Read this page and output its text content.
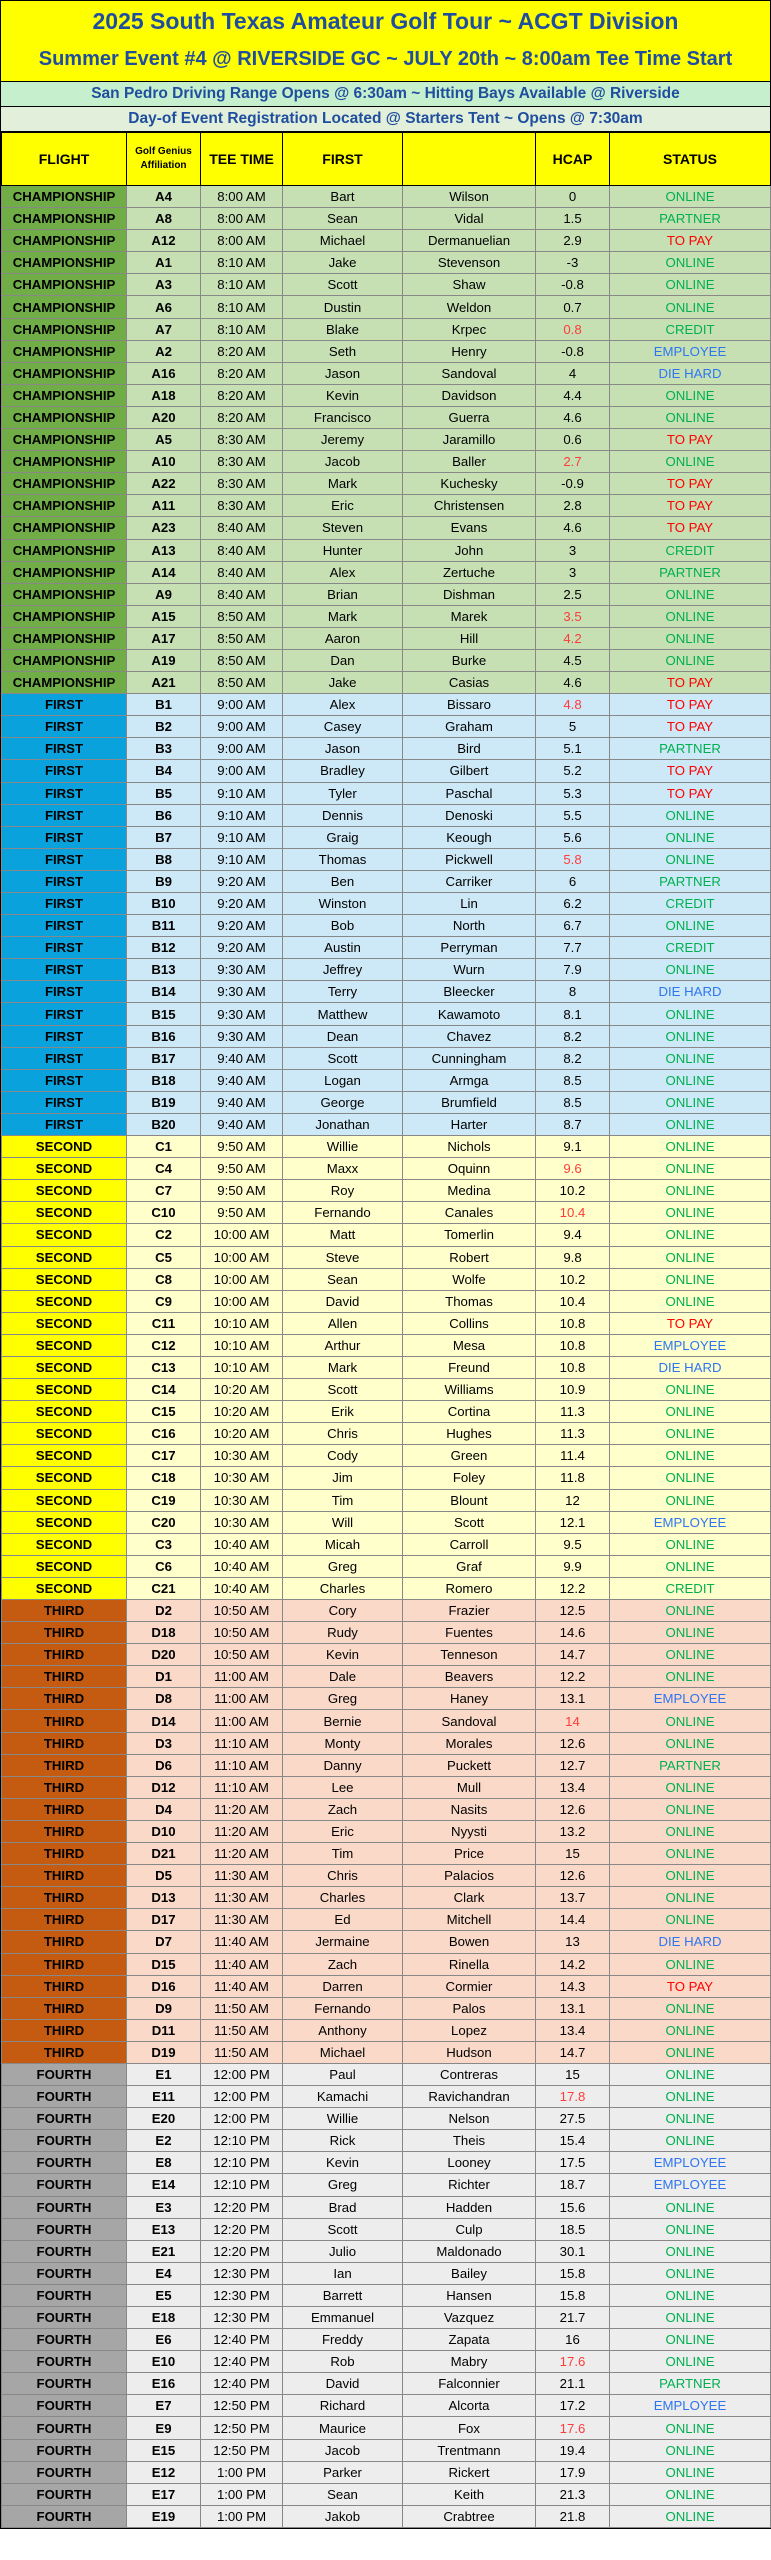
2025 South Texas Amateur Golf Tour ~ ACGT Division
Summer Event #4 @ RIVERSIDE GC ~ JULY 20th ~ 8:00am Tee Time Start
San Pedro Driving Range Opens @ 6:30am ~ Hitting Bays Available @ Riverside
Day-of Event Registration Located @ Starters Tent ~ Opens @ 7:30am
FLIGHT	Golf Genius Affiliation	TEE TIME	FIRST		HCAP	STATUS
CHAMPIONSHIP	A4	8:00 AM	Bart	Wilson	0	ONLINE
CHAMPIONSHIP	A8	8:00 AM	Sean	Vidal	1.5	PARTNER
CHAMPIONSHIP	A12	8:00 AM	Michael	Dermanuelian	2.9	TO PAY
CHAMPIONSHIP	A1	8:10 AM	Jake	Stevenson	-3	ONLINE
CHAMPIONSHIP	A3	8:10 AM	Scott	Shaw	-0.8	ONLINE
CHAMPIONSHIP	A6	8:10 AM	Dustin	Weldon	0.7	ONLINE
CHAMPIONSHIP	A7	8:10 AM	Blake	Krpec	0.8	CREDIT
CHAMPIONSHIP	A2	8:20 AM	Seth	Henry	-0.8	EMPLOYEE
CHAMPIONSHIP	A16	8:20 AM	Jason	Sandoval	4	DIE HARD
CHAMPIONSHIP	A18	8:20 AM	Kevin	Davidson	4.4	ONLINE
CHAMPIONSHIP	A20	8:20 AM	Francisco	Guerra	4.6	ONLINE
CHAMPIONSHIP	A5	8:30 AM	Jeremy	Jaramillo	0.6	TO PAY
CHAMPIONSHIP	A10	8:30 AM	Jacob	Baller	2.7	ONLINE
CHAMPIONSHIP	A22	8:30 AM	Mark	Kuchesky	-0.9	TO PAY
CHAMPIONSHIP	A11	8:30 AM	Eric	Christensen	2.8	TO PAY
CHAMPIONSHIP	A23	8:40 AM	Steven	Evans	4.6	TO PAY
CHAMPIONSHIP	A13	8:40 AM	Hunter	John	3	CREDIT
CHAMPIONSHIP	A14	8:40 AM	Alex	Zertuche	3	PARTNER
CHAMPIONSHIP	A9	8:40 AM	Brian	Dishman	2.5	ONLINE
CHAMPIONSHIP	A15	8:50 AM	Mark	Marek	3.5	ONLINE
CHAMPIONSHIP	A17	8:50 AM	Aaron	Hill	4.2	ONLINE
CHAMPIONSHIP	A19	8:50 AM	Dan	Burke	4.5	ONLINE
CHAMPIONSHIP	A21	8:50 AM	Jake	Casias	4.6	TO PAY
FIRST	B1	9:00 AM	Alex	Bissaro	4.8	TO PAY
FIRST	B2	9:00 AM	Casey	Graham	5	TO PAY
FIRST	B3	9:00 AM	Jason	Bird	5.1	PARTNER
FIRST	B4	9:00 AM	Bradley	Gilbert	5.2	TO PAY
FIRST	B5	9:10 AM	Tyler	Paschal	5.3	TO PAY
FIRST	B6	9:10 AM	Dennis	Denoski	5.5	ONLINE
FIRST	B7	9:10 AM	Graig	Keough	5.6	ONLINE
FIRST	B8	9:10 AM	Thomas	Pickwell	5.8	ONLINE
FIRST	B9	9:20 AM	Ben	Carriker	6	PARTNER
FIRST	B10	9:20 AM	Winston	Lin	6.2	CREDIT
FIRST	B11	9:20 AM	Bob	North	6.7	ONLINE
FIRST	B12	9:20 AM	Austin	Perryman	7.7	CREDIT
FIRST	B13	9:30 AM	Jeffrey	Wurn	7.9	ONLINE
FIRST	B14	9:30 AM	Terry	Bleecker	8	DIE HARD
FIRST	B15	9:30 AM	Matthew	Kawamoto	8.1	ONLINE
FIRST	B16	9:30 AM	Dean	Chavez	8.2	ONLINE
FIRST	B17	9:40 AM	Scott	Cunningham	8.2	ONLINE
FIRST	B18	9:40 AM	Logan	Armga	8.5	ONLINE
FIRST	B19	9:40 AM	George	Brumfield	8.5	ONLINE
FIRST	B20	9:40 AM	Jonathan	Harter	8.7	ONLINE
SECOND	C1	9:50 AM	Willie	Nichols	9.1	ONLINE
SECOND	C4	9:50 AM	Maxx	Oquinn	9.6	ONLINE
SECOND	C7	9:50 AM	Roy	Medina	10.2	ONLINE
SECOND	C10	9:50 AM	Fernando	Canales	10.4	ONLINE
SECOND	C2	10:00 AM	Matt	Tomerlin	9.4	ONLINE
SECOND	C5	10:00 AM	Steve	Robert	9.8	ONLINE
SECOND	C8	10:00 AM	Sean	Wolfe	10.2	ONLINE
SECOND	C9	10:00 AM	David	Thomas	10.4	ONLINE
SECOND	C11	10:10 AM	Allen	Collins	10.8	TO PAY
SECOND	C12	10:10 AM	Arthur	Mesa	10.8	EMPLOYEE
SECOND	C13	10:10 AM	Mark	Freund	10.8	DIE HARD
SECOND	C14	10:20 AM	Scott	Williams	10.9	ONLINE
SECOND	C15	10:20 AM	Erik	Cortina	11.3	ONLINE
SECOND	C16	10:20 AM	Chris	Hughes	11.3	ONLINE
SECOND	C17	10:30 AM	Cody	Green	11.4	ONLINE
SECOND	C18	10:30 AM	Jim	Foley	11.8	ONLINE
SECOND	C19	10:30 AM	Tim	Blount	12	ONLINE
SECOND	C20	10:30 AM	Will	Scott	12.1	EMPLOYEE
SECOND	C3	10:40 AM	Micah	Carroll	9.5	ONLINE
SECOND	C6	10:40 AM	Greg	Graf	9.9	ONLINE
SECOND	C21	10:40 AM	Charles	Romero	12.2	CREDIT
THIRD	D2	10:50 AM	Cory	Frazier	12.5	ONLINE
THIRD	D18	10:50 AM	Rudy	Fuentes	14.6	ONLINE
THIRD	D20	10:50 AM	Kevin	Tenneson	14.7	ONLINE
THIRD	D1	11:00 AM	Dale	Beavers	12.2	ONLINE
THIRD	D8	11:00 AM	Greg	Haney	13.1	EMPLOYEE
THIRD	D14	11:00 AM	Bernie	Sandoval	14	ONLINE
THIRD	D3	11:10 AM	Monty	Morales	12.6	ONLINE
THIRD	D6	11:10 AM	Danny	Puckett	12.7	PARTNER
THIRD	D12	11:10 AM	Lee	Mull	13.4	ONLINE
THIRD	D4	11:20 AM	Zach	Nasits	12.6	ONLINE
THIRD	D10	11:20 AM	Eric	Nyysti	13.2	ONLINE
THIRD	D21	11:20 AM	Tim	Price	15	ONLINE
THIRD	D5	11:30 AM	Chris	Palacios	12.6	ONLINE
THIRD	D13	11:30 AM	Charles	Clark	13.7	ONLINE
THIRD	D17	11:30 AM	Ed	Mitchell	14.4	ONLINE
THIRD	D7	11:40 AM	Jermaine	Bowen	13	DIE HARD
THIRD	D15	11:40 AM	Zach	Rinella	14.2	ONLINE
THIRD	D16	11:40 AM	Darren	Cormier	14.3	TO PAY
THIRD	D9	11:50 AM	Fernando	Palos	13.1	ONLINE
THIRD	D11	11:50 AM	Anthony	Lopez	13.4	ONLINE
THIRD	D19	11:50 AM	Michael	Hudson	14.7	ONLINE
FOURTH	E1	12:00 PM	Paul	Contreras	15	ONLINE
FOURTH	E11	12:00 PM	Kamachi	Ravichandran	17.8	ONLINE
FOURTH	E20	12:00 PM	Willie	Nelson	27.5	ONLINE
FOURTH	E2	12:10 PM	Rick	Theis	15.4	ONLINE
FOURTH	E8	12:10 PM	Kevin	Looney	17.5	EMPLOYEE
FOURTH	E14	12:10 PM	Greg	Richter	18.7	EMPLOYEE
FOURTH	E3	12:20 PM	Brad	Hadden	15.6	ONLINE
FOURTH	E13	12:20 PM	Scott	Culp	18.5	ONLINE
FOURTH	E21	12:20 PM	Julio	Maldonado	30.1	ONLINE
FOURTH	E4	12:30 PM	Ian	Bailey	15.8	ONLINE
FOURTH	E5	12:30 PM	Barrett	Hansen	15.8	ONLINE
FOURTH	E18	12:30 PM	Emmanuel	Vazquez	21.7	ONLINE
FOURTH	E6	12:40 PM	Freddy	Zapata	16	ONLINE
FOURTH	E10	12:40 PM	Rob	Mabry	17.6	ONLINE
FOURTH	E16	12:40 PM	David	Falconnier	21.1	PARTNER
FOURTH	E7	12:50 PM	Richard	Alcorta	17.2	EMPLOYEE
FOURTH	E9	12:50 PM	Maurice	Fox	17.6	ONLINE
FOURTH	E15	12:50 PM	Jacob	Trentmann	19.4	ONLINE
FOURTH	E12	1:00 PM	Parker	Rickert	17.9	ONLINE
FOURTH	E17	1:00 PM	Sean	Keith	21.3	ONLINE
FOURTH	E19	1:00 PM	Jakob	Crabtree	21.8	ONLINE
